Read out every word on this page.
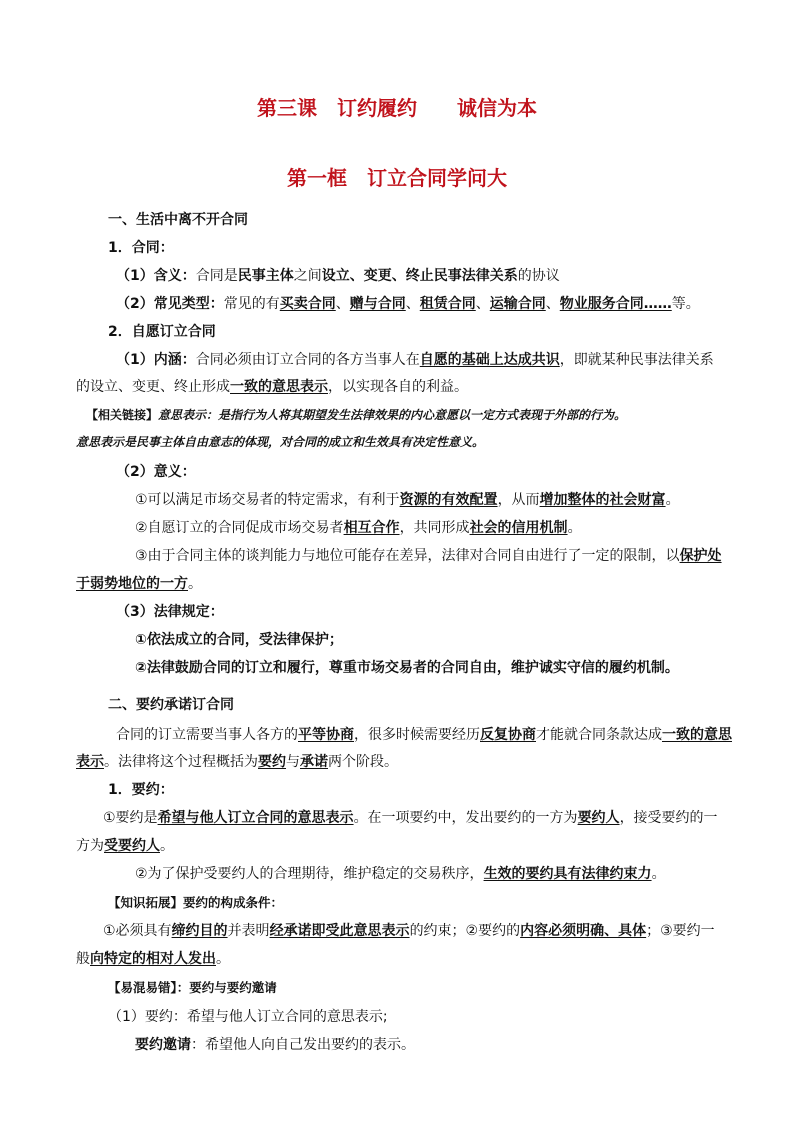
第三课　订约履约　　诚信为本
第一框　订立合同学问大
一、生活中离不开合同
1．合同：
（1）含义：合同是民事主体之间设立、变更、终止民事法律关系的协议
（2）常见类型：常见的有买卖合同、赠与合同、租赁合同、运输合同、物业服务合同……等。
2．自愿订立合同
（1）内涵：合同必须由订立合同的各方当事人在自愿的基础上达成共识，即就某种民事法律关系
的设立、变更、终止形成一致的意思表示，以实现各自的利益。
【相关链接】意思表示：是指行为人将其期望发生法律效果的内心意愿以一定方式表现于外部的行为。
意思表示是民事主体自由意志的体现，对合同的成立和生效具有决定性意义。
（2）意义：
①可以满足市场交易者的特定需求，有利于资源的有效配置，从而增加整体的社会财富。
②自愿订立的合同促成市场交易者相互合作，共同形成社会的信用机制。
③由于合同主体的谈判能力与地位可能存在差异，法律对合同自由进行了一定的限制，以保护处
于弱势地位的一方。
（3）法律规定：
①依法成立的合同，受法律保护；
②法律鼓励合同的订立和履行，尊重市场交易者的合同自由，维护诚实守信的履约机制。
二、要约承诺订合同
合同的订立需要当事人各方的平等协商，很多时候需要经历反复协商才能就合同条款达成一致的意思
表示。法律将这个过程概括为要约与承诺两个阶段。
1．要约：
①要约是希望与他人订立合同的意思表示。在一项要约中，发出要约的一方为要约人，接受要约的一
方为受要约人。
②为了保护受要约人的合理期待，维护稳定的交易秩序，生效的要约具有法律约束力。
【知识拓展】要约的构成条件：
①必须具有缔约目的并表明经承诺即受此意思表示的约束；②要约的内容必须明确、具体；③要约一
般向特定的相对人发出。
【易混易错】：要约与要约邀请
（1）要约：希望与他人订立合同的意思表示;
要约邀请：希望他人向自己发出要约的表示。
